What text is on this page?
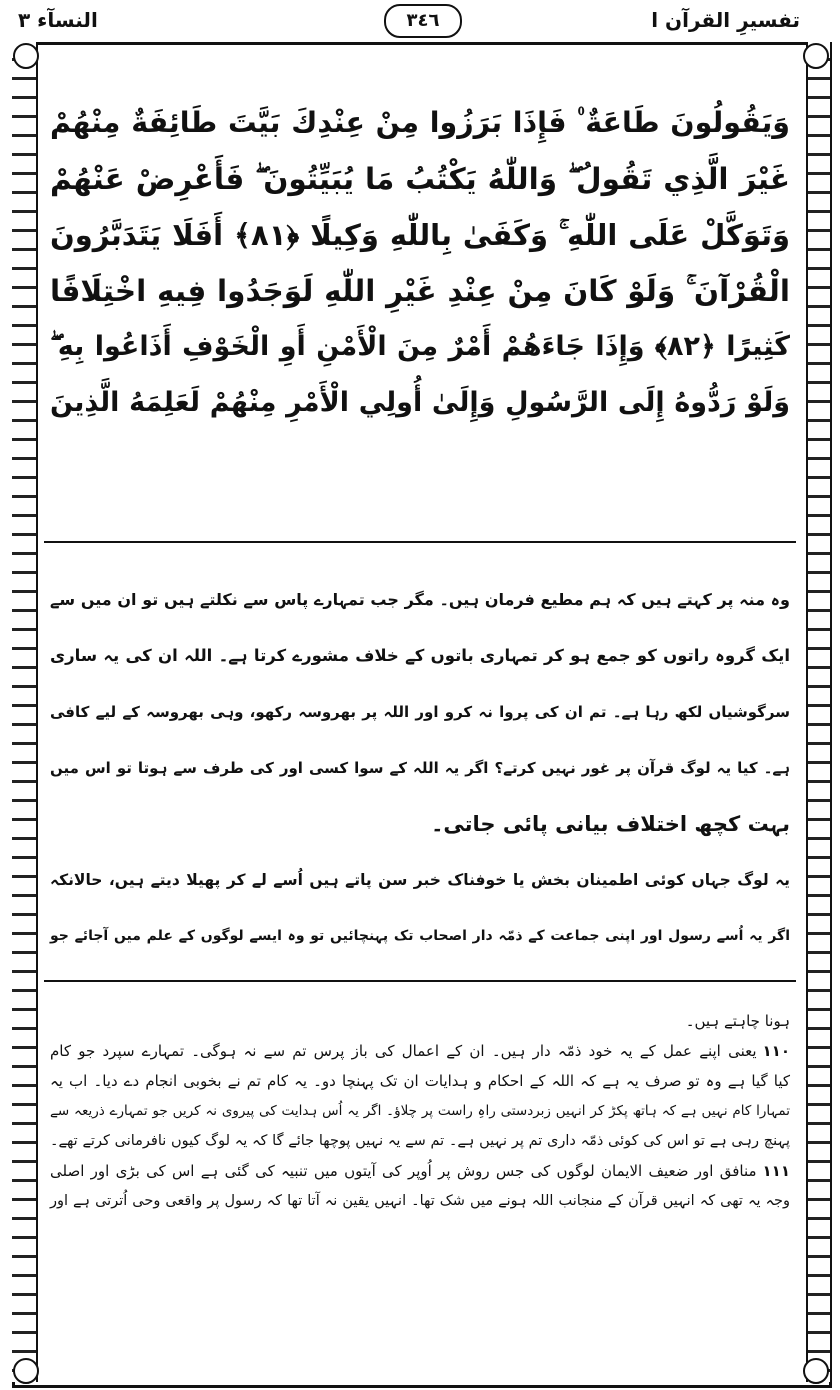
تفسیرِ القرآن ا
النسآء ٣	٣٤٦
وَيَقُولُونَ طَاعَةٌ ۠ فَإِذَا بَرَزُوا مِنْ عِنْدِكَ بَيَّتَ طَائِفَةٌ مِنْهُمْ
غَيْرَ الَّذِي تَقُولُ ۖ وَاللّٰهُ يَكْتُبُ مَا يُبَيِّتُونَ ۖ فَأَعْرِضْ عَنْهُمْ
وَتَوَكَّلْ عَلَى اللّٰهِ ۚ وَكَفَىٰ بِاللّٰهِ وَكِيلًا ﴿٨١﴾ أَفَلَا يَتَدَبَّرُونَ
الْقُرْآنَ ۚ وَلَوْ كَانَ مِنْ عِنْدِ غَيْرِ اللّٰهِ لَوَجَدُوا فِيهِ اخْتِلَافًا
كَثِيرًا ﴿٨٢﴾ وَإِذَا جَاءَهُمْ أَمْرٌ مِنَ الْأَمْنِ أَوِ الْخَوْفِ أَذَاعُوا بِهِ ۖ
وَلَوْ رَدُّوهُ إِلَى الرَّسُولِ وَإِلَىٰ أُولِي الْأَمْرِ مِنْهُمْ لَعَلِمَهُ الَّذِينَ
وہ منہ پر کہتے ہیں کہ ہم مطیع فرمان ہیں۔ مگر جب تمہارے پاس سے نکلتے ہیں تو ان میں سے
ایک گروہ راتوں کو جمع ہو کر تمہاری باتوں کے خلاف مشورے کرتا ہے۔ اللہ ان کی یہ ساری
سرگوشیاں لکھ رہا ہے۔ تم ان کی پروا نہ کرو اور اللہ پر بھروسہ رکھو، وہی بھروسہ کے لیے کافی
ہے۔ کیا یہ لوگ قرآن پر غور نہیں کرتے؟ اگر یہ اللہ کے سوا کسی اور کی طرف سے ہوتا تو اس میں
بہت کچھ اختلاف بیانی پائی جاتی۔
یہ لوگ جہاں کوئی اطمینان بخش یا خوفناک خبر سن پاتے ہیں اُسے لے کر پھیلا دیتے ہیں، حالانکہ
اگر یہ اُسے رسول اور اپنی جماعت کے ذمّہ دار اصحاب تک پہنچائیں تو وہ ایسے لوگوں کے علم میں آجائے جو
ہونا چاہتے ہیں۔
۱۱۰یعنی اپنے عمل کے یہ خود ذمّہ دار ہیں۔ ان کے اعمال کی باز پرس تم سے نہ ہوگی۔ تمہارے سپرد جو کام
کیا گیا ہے وہ تو صرف یہ ہے کہ اللہ کے احکام و ہدایات ان تک پہنچا دو۔ یہ کام تم نے بخوبی انجام دے دیا۔ اب یہ
تمہارا کام نہیں ہے کہ ہاتھ پکڑ کر انہیں زبردستی راہِ راست پر چلاؤ۔ اگر یہ اُس ہدایت کی پیروی نہ کریں جو تمہارے ذریعہ سے
پہنچ رہی ہے تو اس کی کوئی ذمّہ داری تم پر نہیں ہے۔ تم سے یہ نہیں پوچھا جائے گا کہ یہ لوگ کیوں نافرمانی کرتے تھے۔
۱۱۱منافق اور ضعیف الایمان لوگوں کی جس روش پر اُوپر کی آیتوں میں تنبیہ کی گئی ہے اس کی بڑی اور اصلی
وجہ یہ تھی کہ انہیں قرآن کے منجانب اللہ ہونے میں شک تھا۔ انہیں یقین نہ آتا تھا کہ رسول پر واقعی وحی اُترتی ہے اور
